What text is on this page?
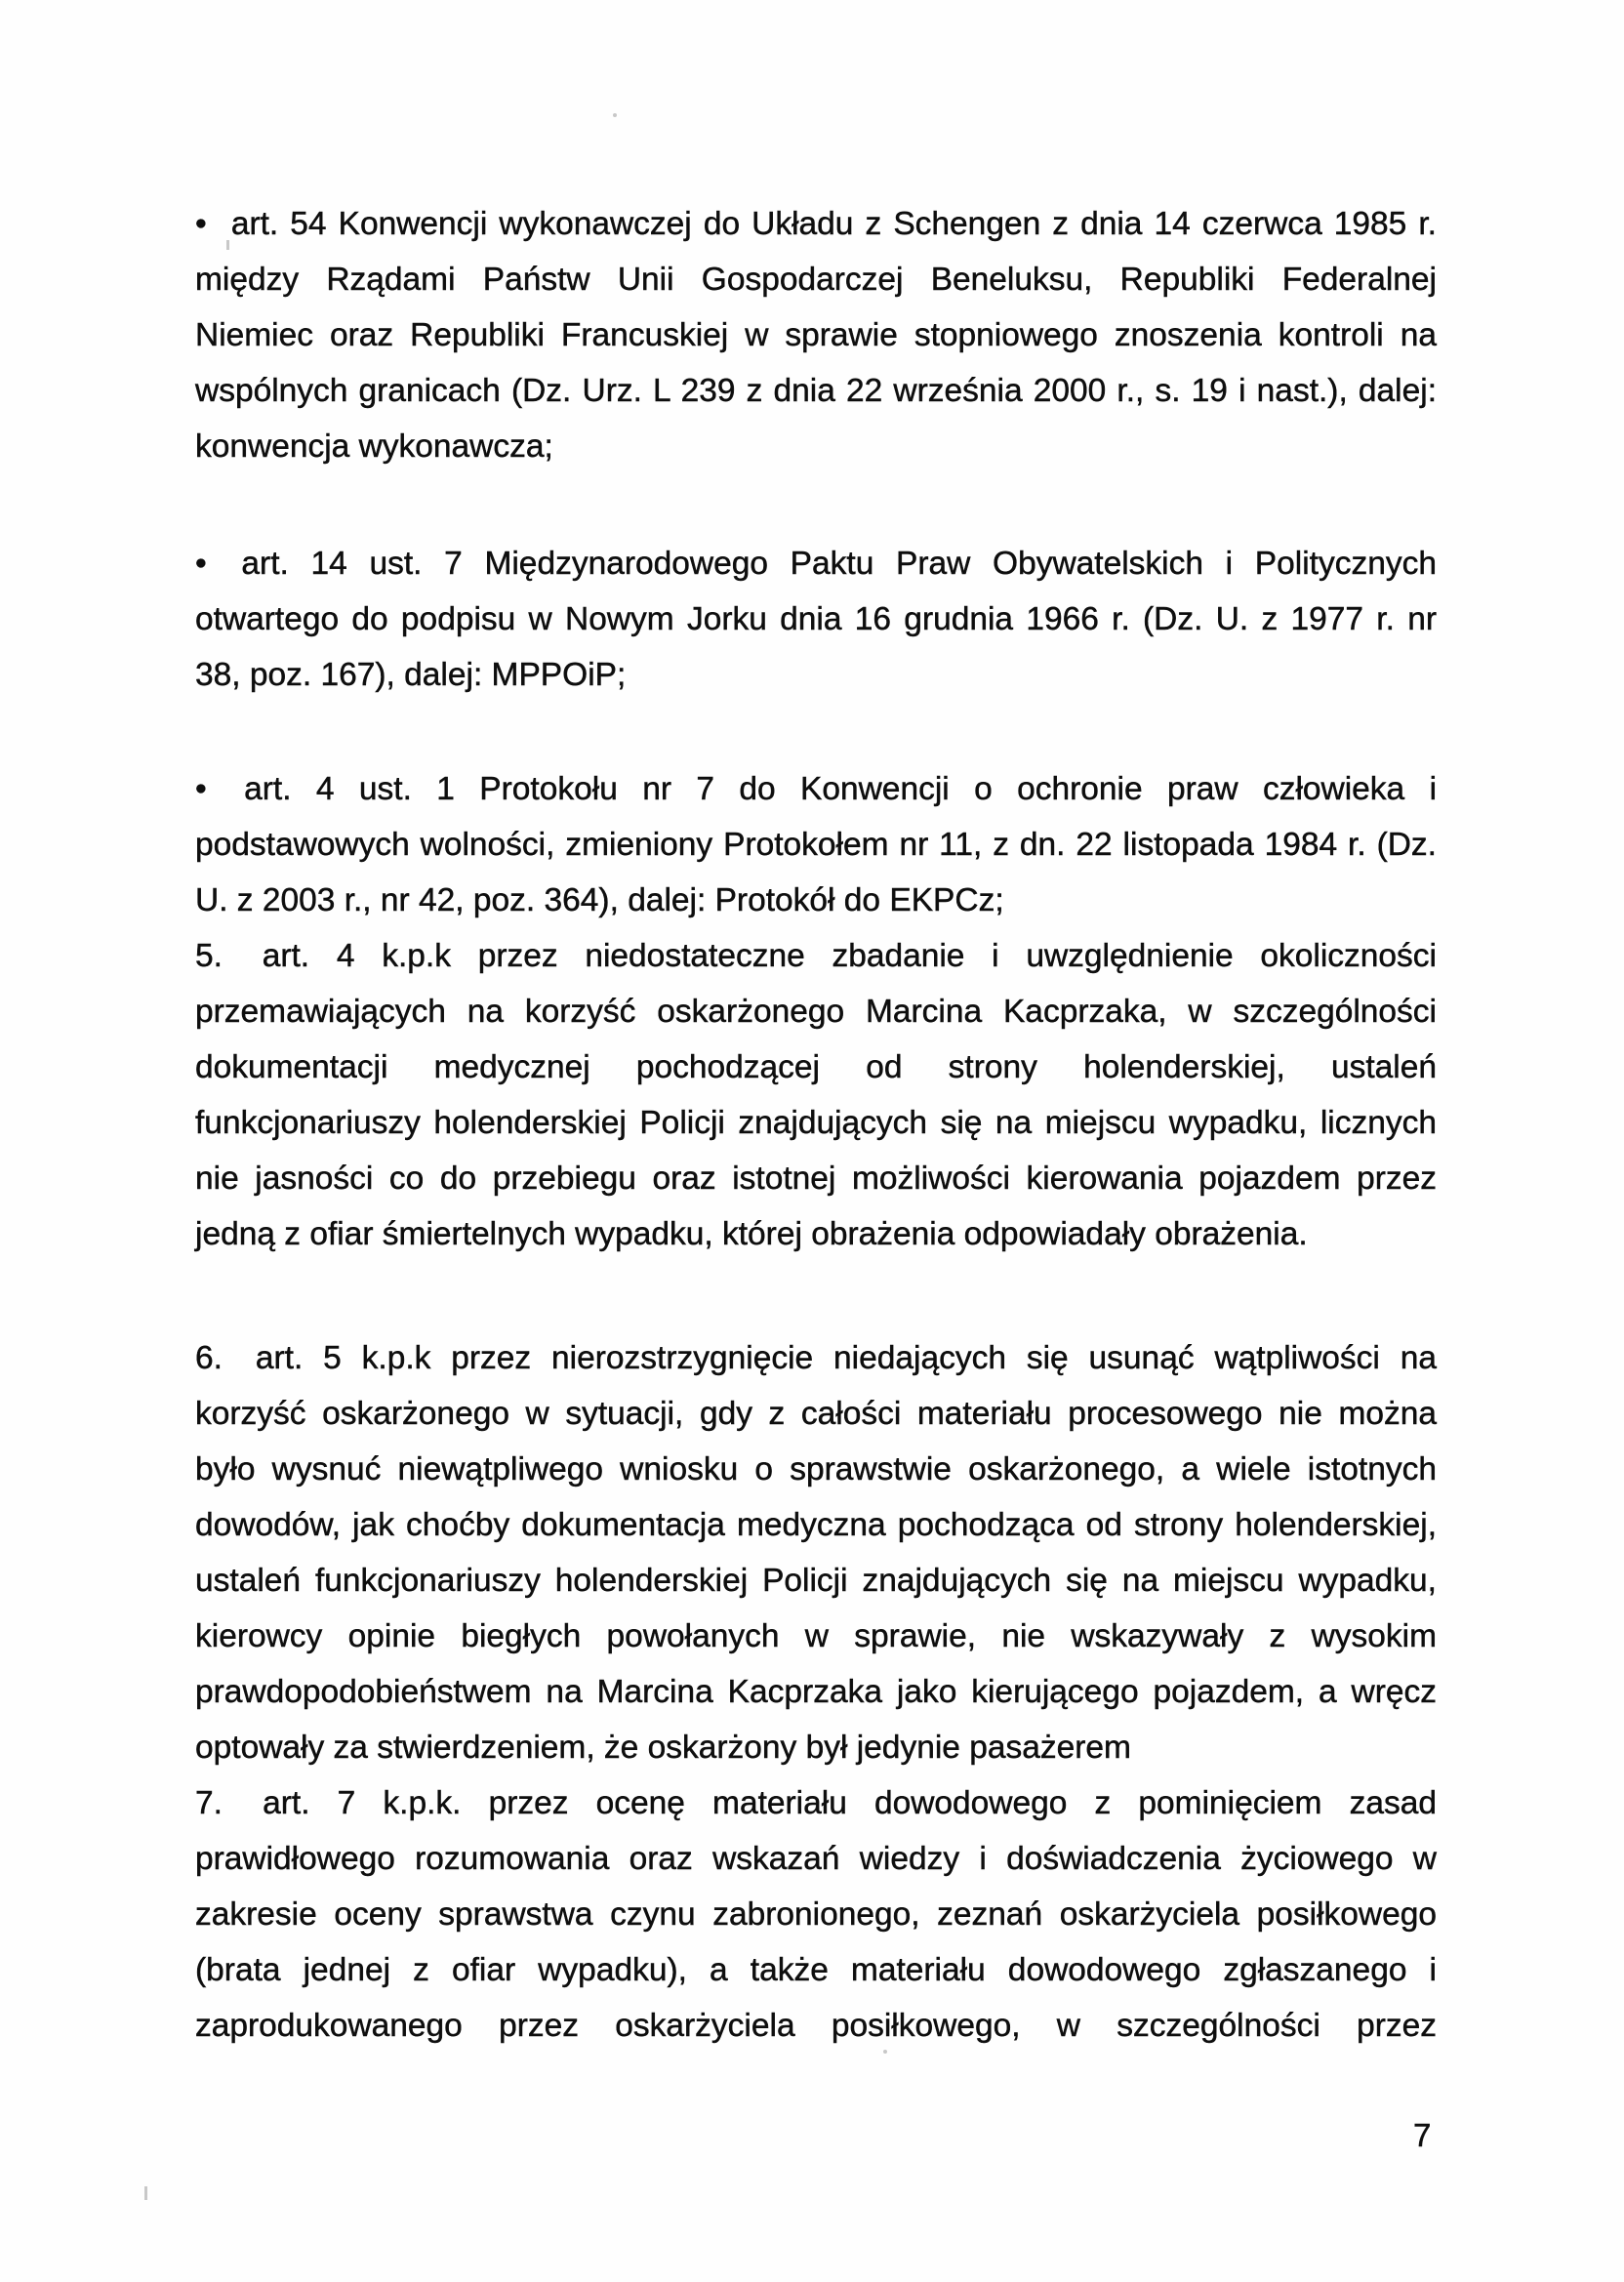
• art. 54 Konwencji wykonawczej do Układu z Schengen z dnia 14 czerwca 1985 r.
między Rządami Państw Unii Gospodarczej Beneluksu, Republiki Federalnej
Niemiec oraz Republiki Francuskiej w sprawie stopniowego znoszenia kontroli na
wspólnych granicach (Dz. Urz. L 239 z dnia 22 września 2000 r., s. 19 i nast.), dalej:
konwencja wykonawcza;
• art. 14 ust. 7 Międzynarodowego Paktu Praw Obywatelskich i Politycznych
otwartego do podpisu w Nowym Jorku dnia 16 grudnia 1966 r. (Dz. U. z 1977 r. nr
38, poz. 167), dalej: MPPOiP;
• art. 4 ust. 1 Protokołu nr 7 do Konwencji o ochronie praw człowieka i
podstawowych wolności, zmieniony Protokołem nr 11, z dn. 22 listopada 1984 r. (Dz.
U. z 2003 r., nr 42, poz. 364), dalej: Protokół do EKPCz;
5. art. 4 k.p.k przez niedostateczne zbadanie i uwzględnienie okoliczności
przemawiających na korzyść oskarżonego Marcina Kacprzaka, w szczególności
dokumentacji medycznej pochodzącej od strony holenderskiej, ustaleń
funkcjonariuszy holenderskiej Policji znajdujących się na miejscu wypadku, licznych
nie jasności co do przebiegu oraz istotnej możliwości kierowania pojazdem przez
jedną z ofiar śmiertelnych wypadku, której obrażenia odpowiadały obrażenia.
6. art. 5 k.p.k przez nierozstrzygnięcie niedających się usunąć wątpliwości na
korzyść oskarżonego w sytuacji, gdy z całości materiału procesowego nie można
było wysnuć niewątpliwego wniosku o sprawstwie oskarżonego, a wiele istotnych
dowodów, jak choćby dokumentacja medyczna pochodząca od strony holenderskiej,
ustaleń funkcjonariuszy holenderskiej Policji znajdujących się na miejscu wypadku,
kierowcy opinie biegłych powołanych w sprawie, nie wskazywały z wysokim
prawdopodobieństwem na Marcina Kacprzaka jako kierującego pojazdem, a wręcz
optowały za stwierdzeniem, że oskarżony był jedynie pasażerem
7. art. 7 k.p.k. przez ocenę materiału dowodowego z pominięciem zasad
prawidłowego rozumowania oraz wskazań wiedzy i doświadczenia życiowego w
zakresie oceny sprawstwa czynu zabronionego, zeznań oskarżyciela posiłkowego
(brata jednej z ofiar wypadku), a także materiału dowodowego zgłaszanego i
zaprodukowanego przez oskarżyciela posiłkowego, w szczególności przez
7
